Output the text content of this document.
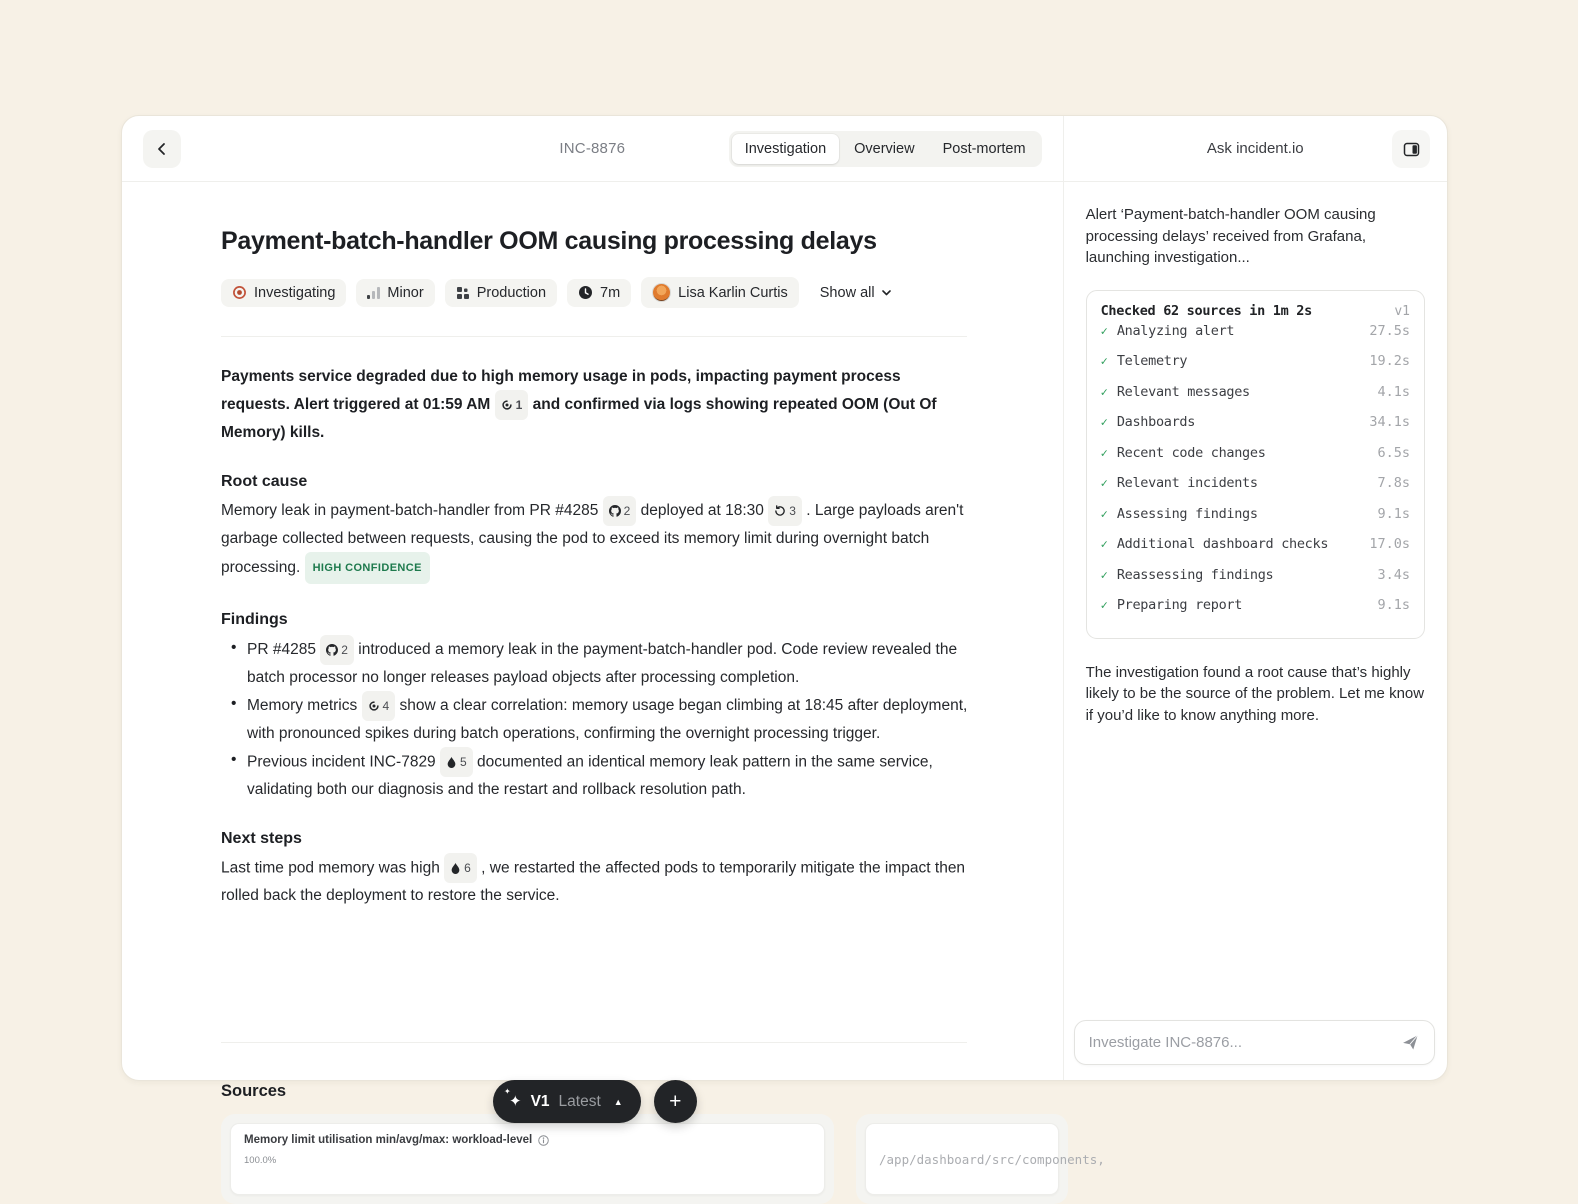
INC-8876	Investigation	Overview	Post-mortem
Payment-batch-handler OOM causing processing delays
Investigating	Minor	Production	7m	Lisa Karlin Curtis Show all

Payments service degraded due to high memory usage in pods, impacting payment process requests. Alert triggered at 01:59 AM 1 and confirmed via logs showing repeated OOM (Out Of Memory) kills.

Root cause

Memory leak in payment-batch-handler from PR #4285 2 deployed at 18:30 3 . Large payloads aren't garbage collected between requests, causing the pod to exceed its memory limit during overnight batch processing. HIGH CONFIDENCE

Findings
• PR #4285 2 introduced a memory leak in the payment-batch-handler pod. Code review revealed the batch processor no longer releases payload objects after processing completion.
• Memory metrics 4 show a clear correlation: memory usage began climbing at 18:45 after deployment, with pronounced spikes during batch operations, confirming the overnight processing trigger.
• Previous incident INC-7829 5 documented an identical memory leak pattern in the same service, validating both our diagnosis and the restart and rollback resolution path.
Next steps

Last time pod memory was high 6 , we restarted the affected pods to temporarily mitigate the impact then rolled back the deployment to restore the service.

Sources
Memory limit utilisation min/avg/max: workload-level
100.0%	/app/dashboard/src/components,
✦ ✦ V1 Latest ▲	+
Ask incident.io

Alert ‘Payment-batch-handler OOM causing processing delays’ received from Grafana, launching investigation...

Checked 62 sources in 1m 2s	v1
✓ Analyzing alert	27.5s
✓ Telemetry	19.2s
✓ Relevant messages	4.1s
✓ Dashboards	34.1s
✓ Recent code changes	6.5s
✓ Relevant incidents	7.8s
✓ Assessing findings	9.1s
✓ Additional dashboard checks	17.0s
✓ Reassessing findings	3.4s
✓ Preparing report	9.1s

The investigation found a root cause that’s highly likely to be the source of the problem. Let me know if you’d like to know anything more.

Investigate INC-8876...
